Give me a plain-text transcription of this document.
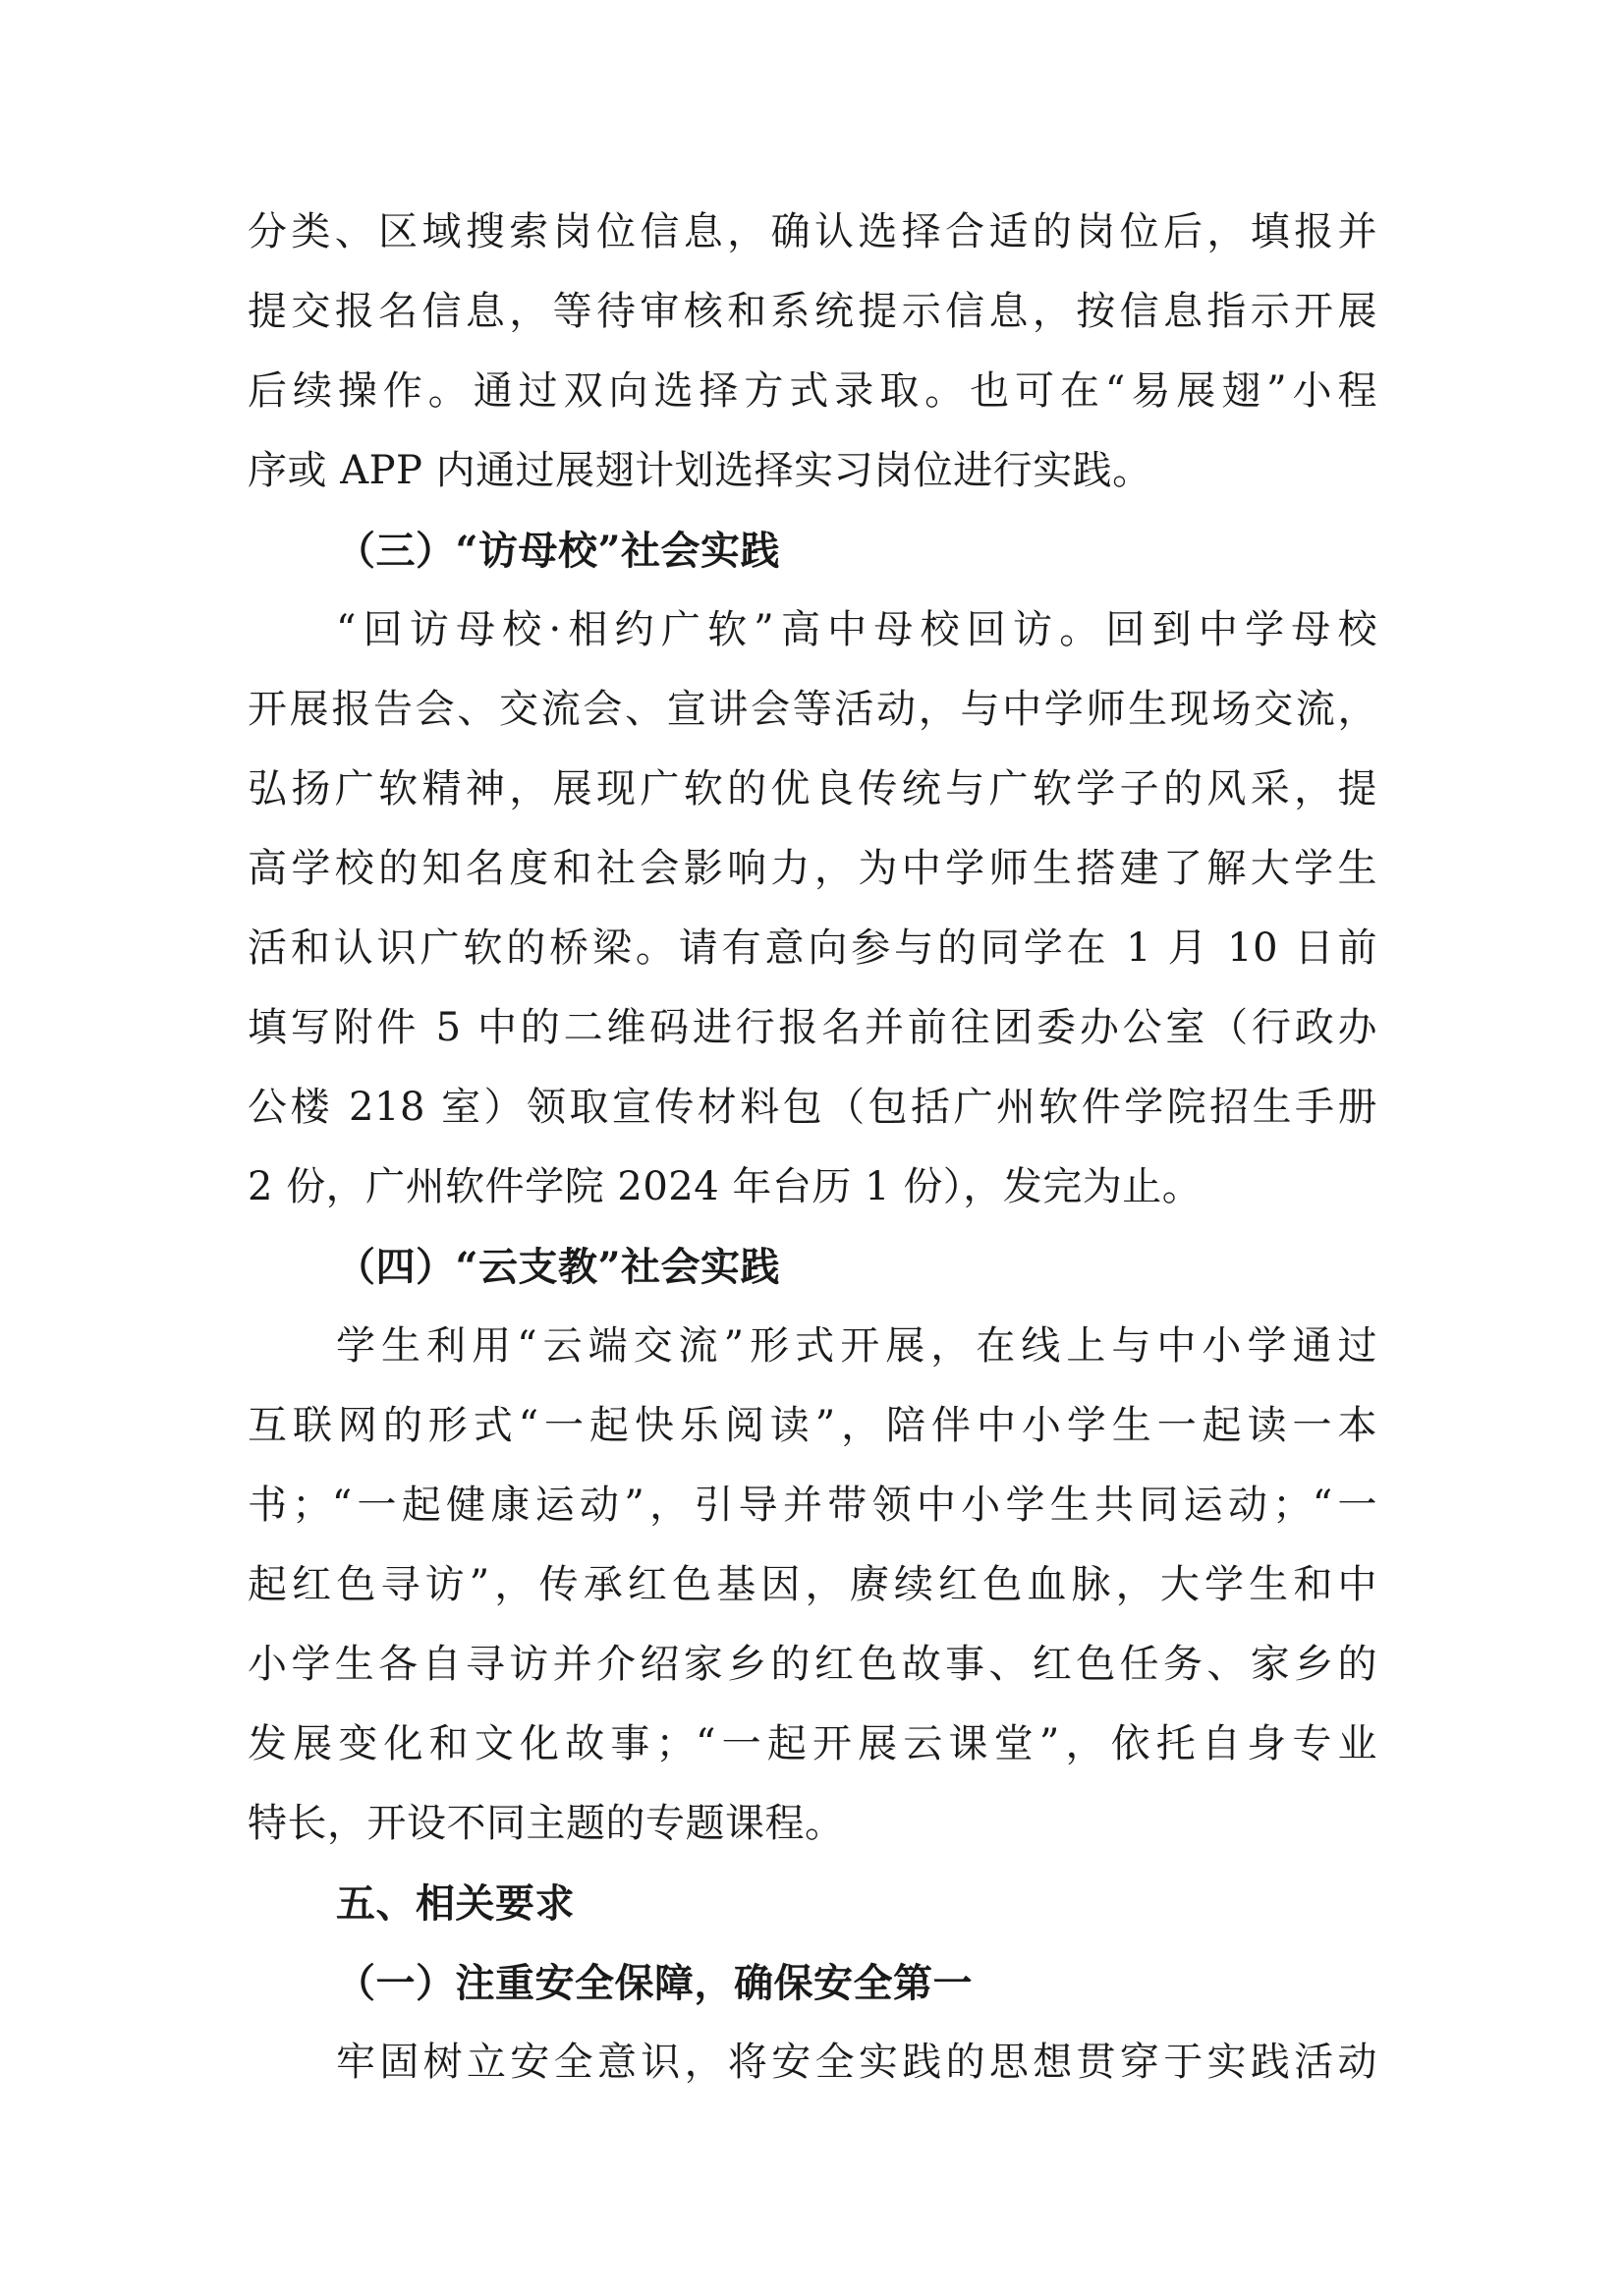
分类、区域搜索岗位信息，确认选择合适的岗位后，填报并
提交报名信息，等待审核和系统提示信息，按信息指示开展
后续操作。通过双向选择方式录取。也可在“易展翅”小程
序或 APP 内通过展翅计划选择实习岗位进行实践。
（三）“访母校”社会实践
“回访母校·相约广软”高中母校回访。回到中学母校
开展报告会、交流会、宣讲会等活动，与中学师生现场交流，
弘扬广软精神，展现广软的优良传统与广软学子的风采，提
高学校的知名度和社会影响力，为中学师生搭建了解大学生
活和认识广软的桥梁。请有意向参与的同学在 1 月 10 日前
填写附件 5 中的二维码进行报名并前往团委办公室（行政办
公楼 218 室）领取宣传材料包（包括广州软件学院招生手册
2 份，广州软件学院 2024 年台历 1 份），发完为止。
（四）“云支教”社会实践
学生利用“云端交流”形式开展，在线上与中小学通过
互联网的形式“一起快乐阅读”，陪伴中小学生一起读一本
书；“一起健康运动”，引导并带领中小学生共同运动；“一
起红色寻访”，传承红色基因，赓续红色血脉，大学生和中
小学生各自寻访并介绍家乡的红色故事、红色任务、家乡的
发展变化和文化故事；“一起开展云课堂”，依托自身专业
特长，开设不同主题的专题课程。
五、相关要求
（一）注重安全保障，确保安全第一
牢固树立安全意识，将安全实践的思想贯穿于实践活动
